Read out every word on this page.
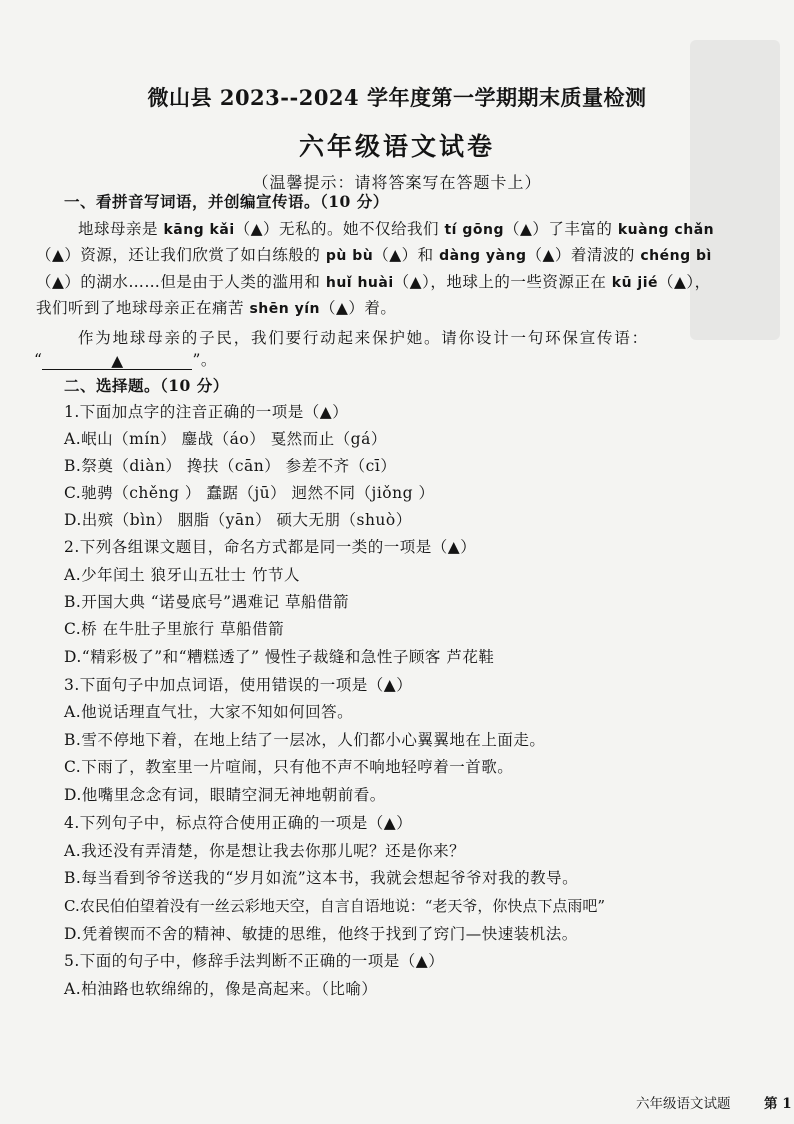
微山县 2023--2024 学年度第一学期期末质量检测
六年级语文试卷
（温馨提示：请将答案写在答题卡上）
一、看拼音写词语，并创编宣传语。（10 分）
地球母亲是 kāng kǎi（▲）无私的。她不仅给我们 tí gōng（▲）了丰富的 kuàng chǎn
（▲）资源，还让我们欣赏了如白练般的 pù bù（▲）和 dàng yàng（▲）着清波的 chéng bì
（▲）的湖水……但是由于人类的滥用和 huǐ huài（▲），地球上的一些资源正在 kū jié（▲），
我们听到了地球母亲正在痛苦 shēn yín（▲）着。
作为地球母亲的子民，我们要行动起来保护她。请你设计一句环保宣传语：
“	▲	”。
二、选择题。（10 分）
1.下面加点字的注音正确的一项是（▲）
A.岷山（mín） 鏖战（áo） 戛然而止（gá）
B.祭奠（diàn） 搀扶（cān） 参差不齐（cī）
C.驰骋（chěng ） 蠢踞（jū） 迥然不同（jiǒng ）
D.出殡（bìn） 胭脂（yān） 硕大无朋（shuò）
2.下列各组课文题目，命名方式都是同一类的一项是（▲）
A.少年闰土 狼牙山五壮士 竹节人
B.开国大典 “诺曼底号”遇难记 草船借箭
C.桥 在牛肚子里旅行 草船借箭
D.“精彩极了”和“糟糕透了” 慢性子裁缝和急性子顾客 芦花鞋
3.下面句子中加点词语，使用错误的一项是（▲）
A.他说话理直气壮，大家不知如何回答。
B.雪不停地下着，在地上结了一层冰，人们都小心翼翼地在上面走。
C.下雨了，教室里一片喧闹，只有他不声不响地轻哼着一首歌。
D.他嘴里念念有词，眼睛空洞无神地朝前看。
4.下列句子中，标点符合使用正确的一项是（▲）
A.我还没有弄清楚，你是想让我去你那儿呢？还是你来？
B.每当看到爷爷送我的“岁月如流”这本书，我就会想起爷爷对我的教导。
C.农民伯伯望着没有一丝云彩地天空，自言自语地说：“老天爷，你快点下点雨吧”
D.凭着锲而不舍的精神、敏捷的思维，他终于找到了窍门—快速装机法。
5.下面的句子中，修辞手法判断不正确的一项是（▲）
A.柏油路也软绵绵的，像是高起来。（比喻）
六年级语文试题 第 1
